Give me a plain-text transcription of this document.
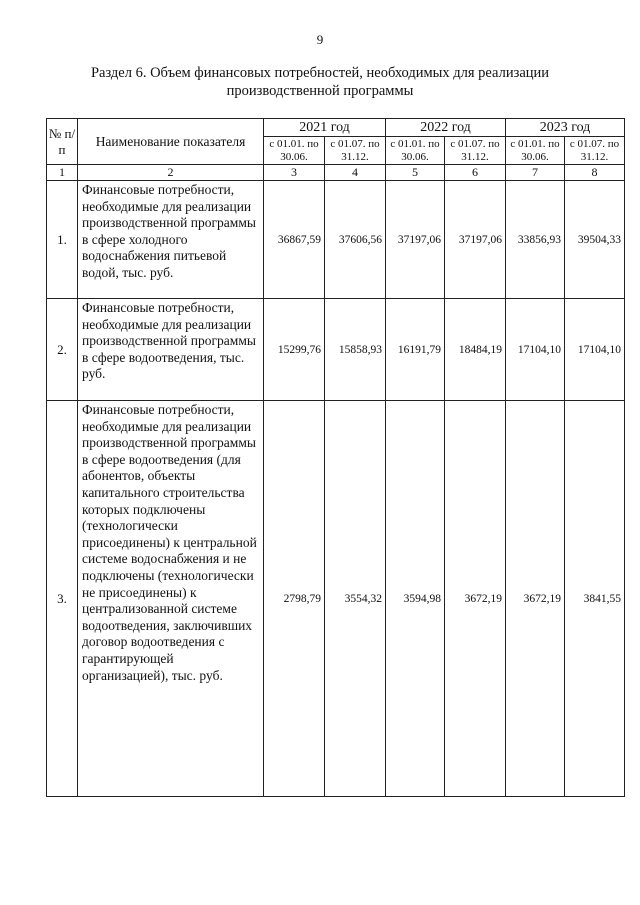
9
Раздел 6. Объем финансовых потребностей, необходимых для реализации
производственной программы
№ п/п	Наименование показателя	2021 год		2022 год		2023 год	
		с 01.01. по 30.06.	с 01.07. по 31.12.	с 01.01. по 30.06.	с 01.07. по 31.12.	с 01.01. по 30.06.	с 01.07. по 31.12.
1	2	3	4	5	6	7	8
1.	Финансовые потребности, необходимые для реализации производственной программы в сфере холодного водоснабжения питьевой водой, тыс. руб.	36867,59	37606,56	37197,06	37197,06	33856,93	39504,33
2.	Финансовые потребности, необходимые для реализации производственной программы в сфере водоотведения, тыс. руб.	15299,76	15858,93	16191,79	18484,19	17104,10	17104,10
3.	Финансовые потребности, необходимые для реализации производственной программы в сфере водоотведения (для абонентов, объекты капитального строительства которых подключены (технологически присоединены) к центральной системе водоснабжения и не подключены (технологически не присоединены) к централизованной системе водоотведения, заключивших договор водоотведения с гарантирующей организацией), тыс. руб.	2798,79	3554,32	3594,98	3672,19	3672,19	3841,55
